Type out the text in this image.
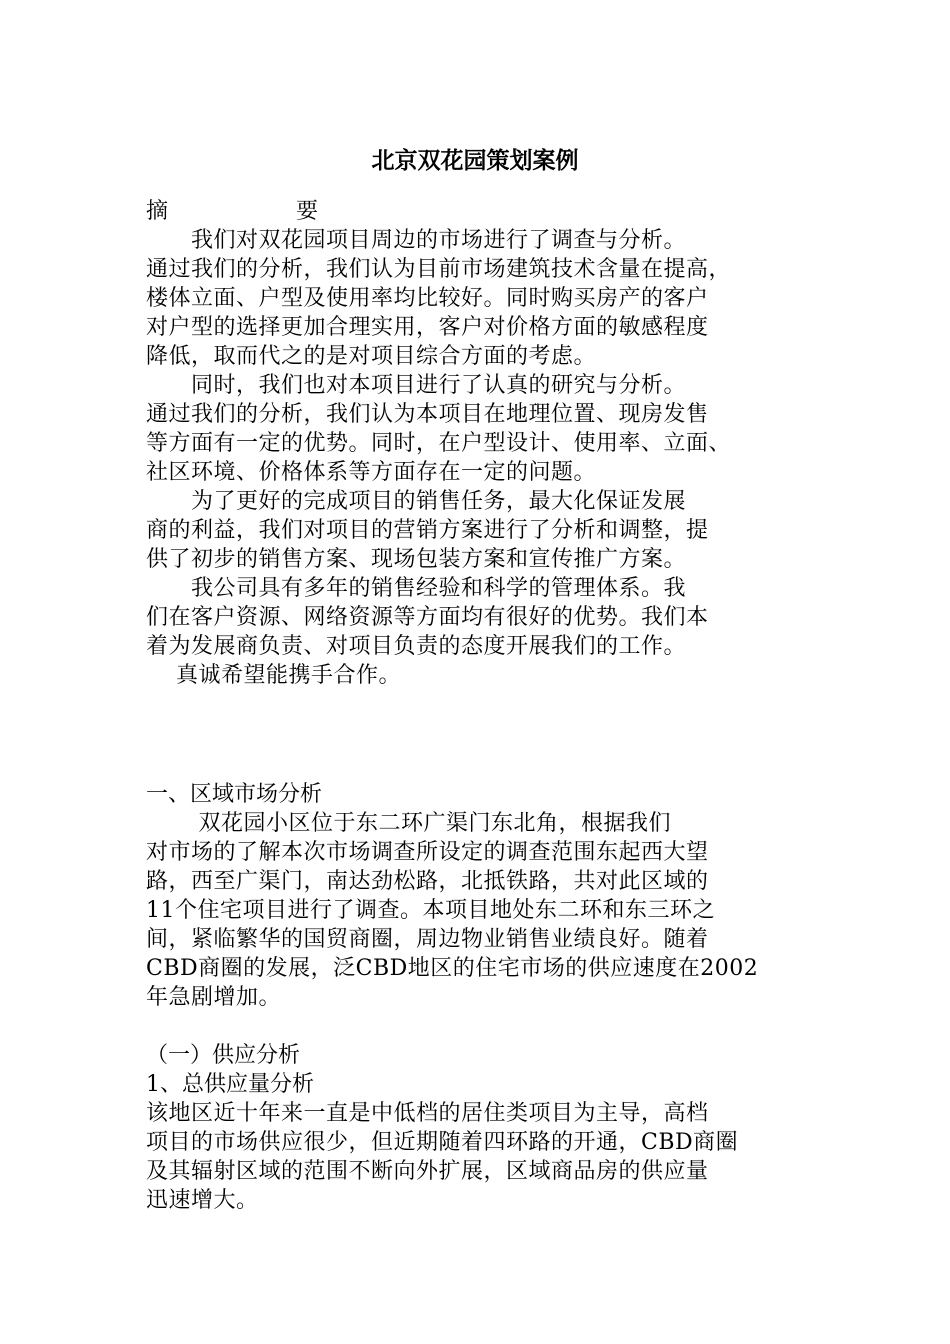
北京双花园策划案例
摘	要
　　我们对双花园项目周边的市场进行了调查与分析。
通过我们的分析，我们认为目前市场建筑技术含量在提高，
楼体立面、户型及使用率均比较好。同时购买房产的客户
对户型的选择更加合理实用，客户对价格方面的敏感程度
降低，取而代之的是对项目综合方面的考虑。
　　同时，我们也对本项目进行了认真的研究与分析。
通过我们的分析，我们认为本项目在地理位置、现房发售
等方面有一定的优势。同时，在户型设计、使用率、立面、
社区环境、价格体系等方面存在一定的问题。
　　为了更好的完成项目的销售任务，最大化保证发展
商的利益，我们对项目的营销方案进行了分析和调整，提
供了初步的销售方案、现场包装方案和宣传推广方案。
　　我公司具有多年的销售经验和科学的管理体系。我
们在客户资源、网络资源等方面均有很好的优势。我们本
着为发展商负责、对项目负责的态度开展我们的工作。
　 真诚希望能携手合作。
一、区域市场分析
　　 双花园小区位于东二环广渠门东北角，根据我们
对市场的了解本次市场调查所设定的调查范围东起西大望
路，西至广渠门，南达劲松路，北抵铁路，共对此区域的
11个住宅项目进行了调查。本项目地处东二环和东三环之
间，紧临繁华的国贸商圈，周边物业销售业绩良好。随着
CBD商圈的发展，泛CBD地区的住宅市场的供应速度在2002
年急剧增加。
（一）供应分析
1、总供应量分析
该地区近十年来一直是中低档的居住类项目为主导，高档
项目的市场供应很少，但近期随着四环路的开通，CBD商圈
及其辐射区域的范围不断向外扩展，区域商品房的供应量
迅速增大。
